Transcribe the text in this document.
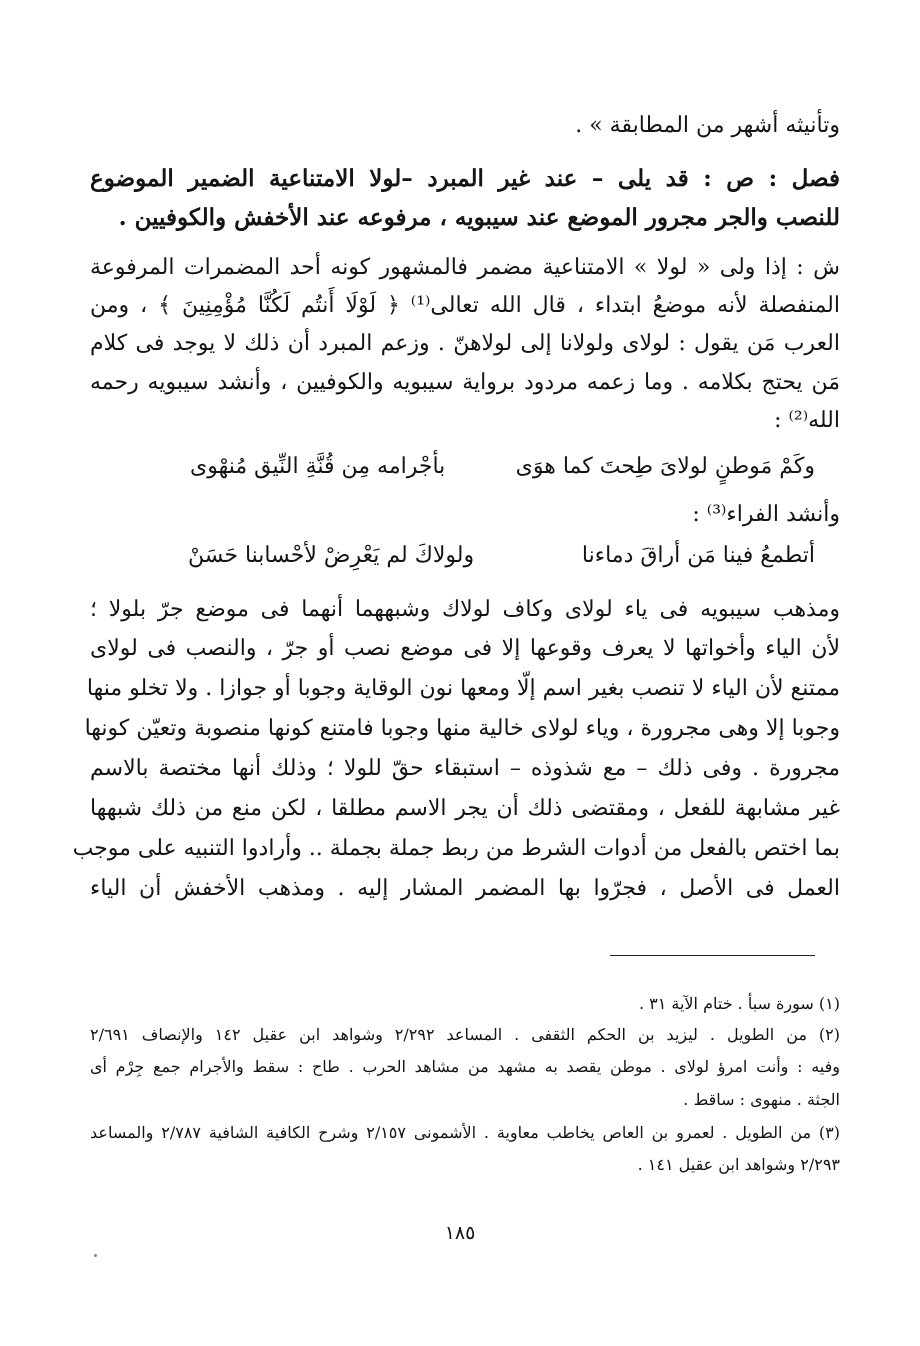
وتأنيثه أشهر من المطابقة » .
فصل : ص : قد يلى – عند غير المبرد –لولا الامتناعية الضمير الموضوع
للنصب والجر مجرور الموضع عند سيبويه ، مرفوعه عند الأخفش والكوفيين .
ش : إذا ولى « لولا » الامتناعية مضمر فالمشهور كونه أحد المضمرات المرفوعة
المنفصلة لأنه موضعُ ابتداء ، قال الله تعالى⁽¹⁾ ﴿ لَوْلَا أَنتُم لَكُنَّا مُؤْمِنِينَ ﴾ ، ومن
العرب مَن يقول : لولاى ولولانا إلى لولاهنّ . وزعم المبرد أن ذلك لا يوجد فى كلام
مَن يحتج بكلامه . وما زعمه مردود برواية سيبويه والكوفيين ، وأنشد سيبويه رحمه
الله⁽²⁾ :
وكَمْ مَوطنٍ لولاىَ طِحتَ كما هوَى
بأجْرامه مِن قُنَّةِ النِّيق مُنهْوى
وأنشد الفراء⁽³⁾ :
أتطمعُ فينا مَن أراقَ دماءنا
ولولاكَ لم يَعْرِضْ لأحْسابنا حَسَنْ
ومذهب سيبويه فى ياء لولاى وكاف لولاك وشبههما أنهما فى موضع جرّ بلولا ؛
لأن الياء وأخواتها لا يعرف وقوعها إلا فى موضع نصب أو جرّ ، والنصب فى لولاى
ممتنع لأن الياء لا تنصب بغير اسم إلّا ومعها نون الوقاية وجوبا أو جوازا . ولا تخلو منها
وجوبا إلا وهى مجرورة ، وياء لولاى خالية منها وجوبا فامتنع كونها منصوبة وتعيّن كونها
مجرورة . وفى ذلك – مع شذوذه – استبقاء حقّ للولا ؛ وذلك أنها مختصة بالاسم
غير مشابهة للفعل ، ومقتضى ذلك أن يجر الاسم مطلقا ، لكن منع من ذلك شبهها
بما اختص بالفعل من أدوات الشرط من ربط جملة بجملة .. وأرادوا التنبيه على موجب
العمل فى الأصل ، فجرّوا بها المضمر المشار إليه . ومذهب الأخفش أن الياء
(١) سورة سبأ . ختام الآية ٣١ .
(٢) من الطويل . ليزيد بن الحكم الثقفى . المساعد ٢/٢٩٢ وشواهد ابن عقيل ١٤٢ والإنصاف ٢/٦٩١
وفيه : وأنت امرؤ لولاى . موطن يقصد به مشهد من مشاهد الحرب . طاح : سقط والأجرام جمع جِرْم أى
الجثة . منهوى : ساقط .
(٣) من الطويل . لعمرو بن العاص يخاطب معاوية . الأشمونى ٢/١٥٧ وشرح الكافية الشافية ٢/٧٨٧ والمساعد
٢/٢٩٣ وشواهد ابن عقيل ١٤١ .
١٨٥
